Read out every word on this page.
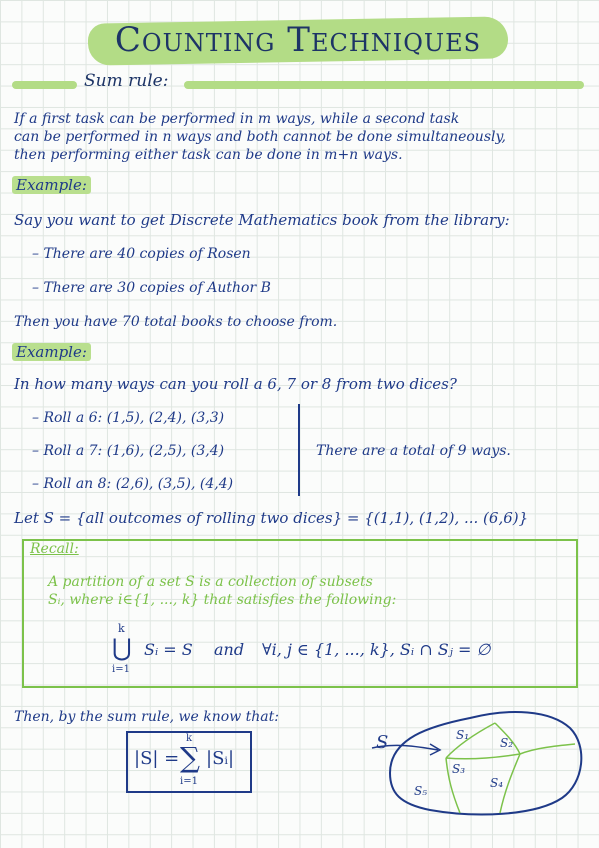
Counting Techniques
Sum rule:
If a first task can be performed in m ways, while a second task
can be performed in n ways and both cannot be done simultaneously,
then performing either task can be done in m+n ways.
Example:
Say you want to get Discrete Mathematics book from the library:
– There are 40 copies of Rosen
– There are 30 copies of Author B
Then you have 70 total books to choose from.
Example:
In how many ways can you roll a 6, 7 or 8 from two dices?
– Roll a 6: (1,5), (2,4), (3,3)
– Roll a 7: (1,6), (2,5), (3,4)
– Roll an 8: (2,6), (3,5), (4,4)
There are a total of 9 ways.
Let S = {all outcomes of rolling two dices} = {(1,1), (1,2), ... (6,6)}
Recall:
A partition of a set S is a collection of subsets
Sᵢ, where i∈{1, ..., k} that satisfies the following:
k
⋃
i=1
Sᵢ = S and ∀i, j ∈ {1, ..., k}, Sᵢ ∩ Sⱼ = ∅
Then, by the sum rule, we know that:
|S| =
k
∑
i=1
|Sᵢ|
S	S₁
S₂
S₃
S₄
S₅
